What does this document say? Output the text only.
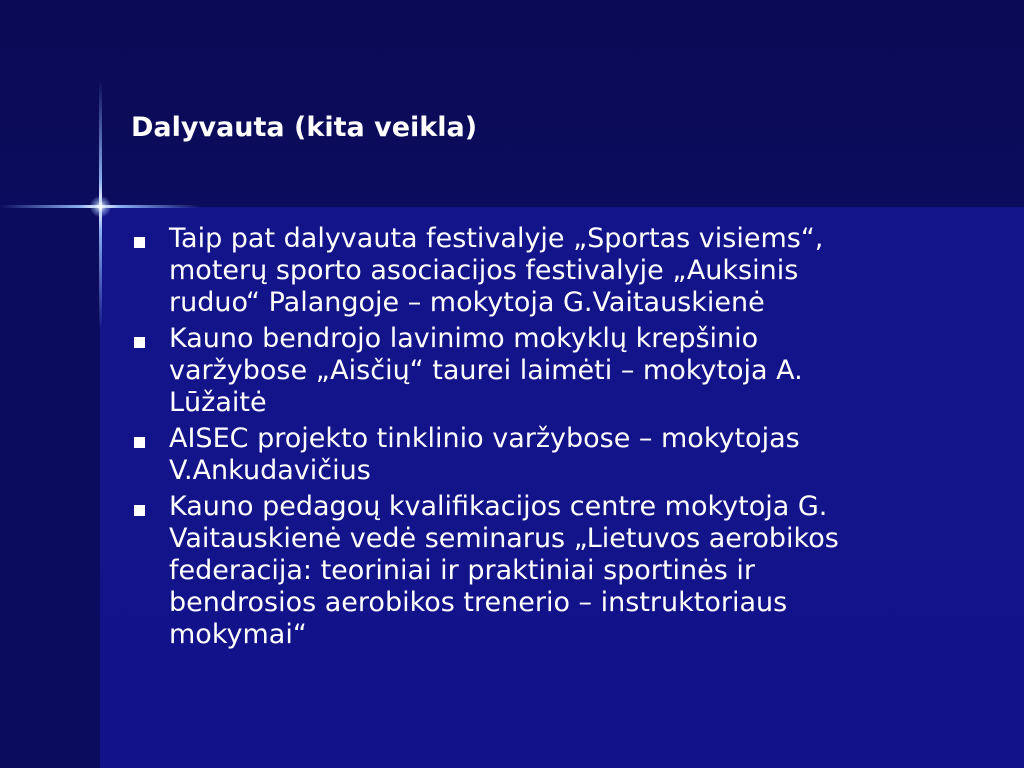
Dalyvauta (kita veikla)
Taip pat dalyvauta festivalyje „Sportas visiems“,
moterų sporto asociacijos festivalyje „Auksinis
ruduo“ Palangoje – mokytoja G.Vaitauskienė
Kauno bendrojo lavinimo mokyklų krepšinio
varžybose „Aisčių“ taurei laimėti – mokytoja A.
Lūžaitė
AISEC projekto tinklinio varžybose – mokytojas
V.Ankudavičius
Kauno pedagoų kvalifikacijos centre mokytoja G.
Vaitauskienė vedė seminarus „Lietuvos aerobikos
federacija: teoriniai ir praktiniai sportinės ir
bendrosios aerobikos trenerio – instruktoriaus
mokymai“
